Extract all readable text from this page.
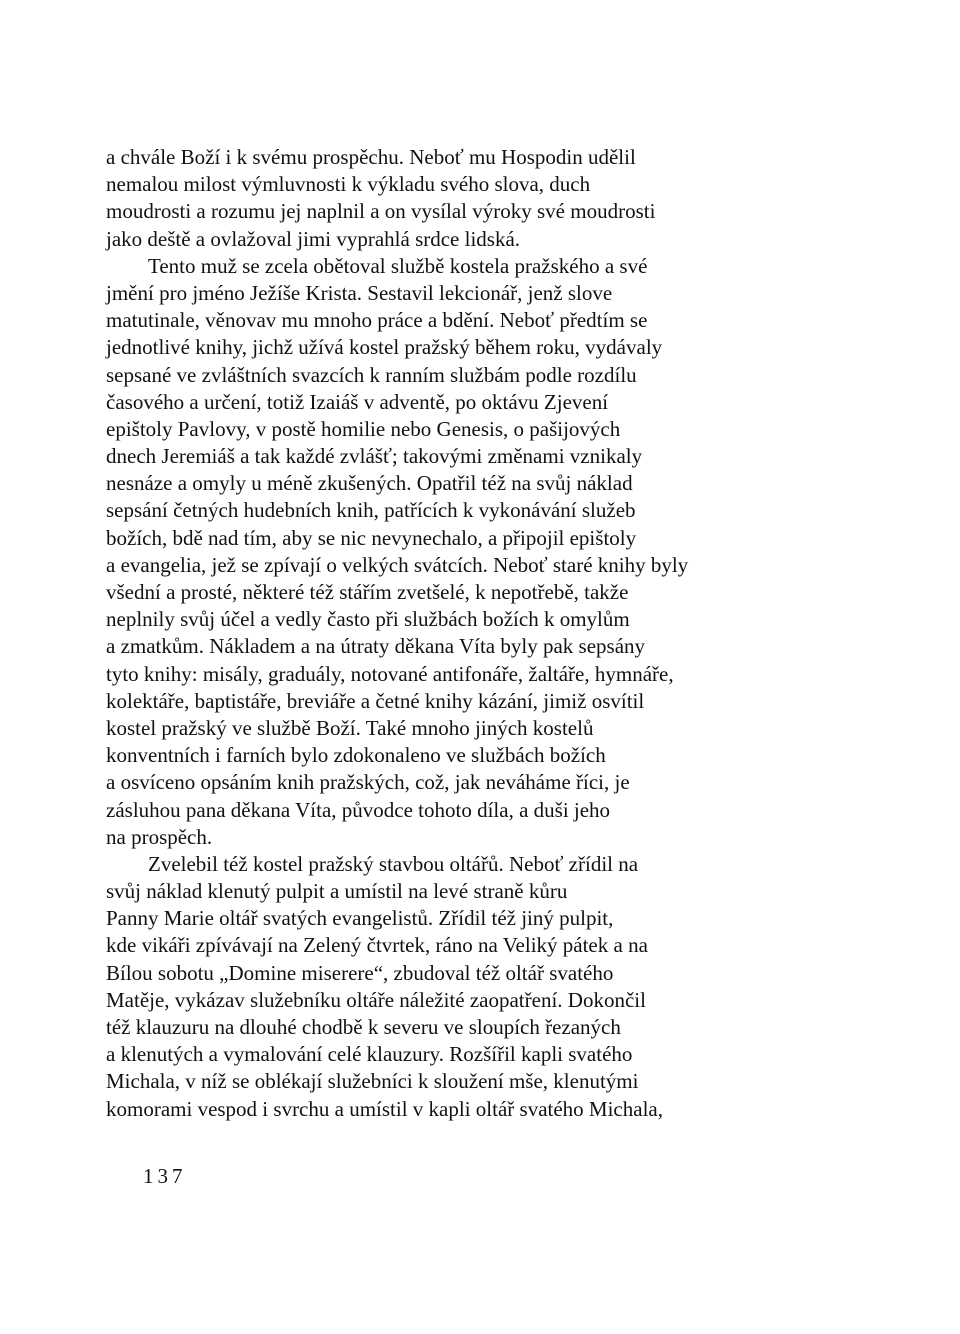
a chvále Boží i k svému prospěchu. Neboť mu Hospodin udělil
nemalou milost výmluvnosti k výkladu svého slova, duch
moudrosti a rozumu jej naplnil a on vysílal výroky své moudrosti
jako deště a ovlažoval jimi vyprahlá srdce lidská.
Tento muž se zcela obětoval službě kostela pražského a své
jmění pro jméno Ježíše Krista. Sestavil lekcionář, jenž slove
matutinale, věnovav mu mnoho práce a bdění. Neboť předtím se
jednotlivé knihy, jichž užívá kostel pražský během roku, vydávaly
sepsané ve zvláštních svazcích k ranním službám podle rozdílu
časového a určení, totiž Izaiáš v adventě, po oktávu Zjevení
epištoly Pavlovy, v postě homilie nebo Genesis, o pašijových
dnech Jeremiáš a tak každé zvlášť; takovými změnami vznikaly
nesnáze a omyly u méně zkušených. Opatřil též na svůj náklad
sepsání četných hudebních knih, patřících k vykonávání služeb
božích, bdě nad tím, aby se nic nevynechalo, a připojil epištoly
a evangelia, jež se zpívají o velkých svátcích. Neboť staré knihy byly
všední a prosté, některé též stářím zvetšelé, k nepotřebě, takže
neplnily svůj účel a vedly často při službách božích k omylům
a zmatkům. Nákladem a na útraty děkana Víta byly pak sepsány
tyto knihy: misály, graduály, notované antifonáře, žaltáře, hymnáře,
kolektáře, baptistáře, breviáře a četné knihy kázání, jimiž osvítil
kostel pražský ve službě Boží. Také mnoho jiných kostelů
konventních i farních bylo zdokonaleno ve službách božích
a osvíceno opsáním knih pražských, což, jak neváháme říci, je
zásluhou pana děkana Víta, původce tohoto díla, a duši jeho
na prospěch.
Zvelebil též kostel pražský stavbou oltářů. Neboť zřídil na
svůj náklad klenutý pulpit a umístil na levé straně kůru
Panny Marie oltář svatých evangelistů. Zřídil též jiný pulpit,
kde vikáři zpívávají na Zelený čtvrtek, ráno na Veliký pátek a na
Bílou sobotu „Domine miserere“, zbudoval též oltář svatého
Matěje, vykázav služebníku oltáře náležité zaopatření. Dokončil
též klauzuru na dlouhé chodbě k severu ve sloupích řezaných
a klenutých a vymalování celé klauzury. Rozšířil kapli svatého
Michala, v níž se oblékají služebníci k sloužení mše, klenutými
komorami vespod i svrchu a umístil v kapli oltář svatého Michala,
137
